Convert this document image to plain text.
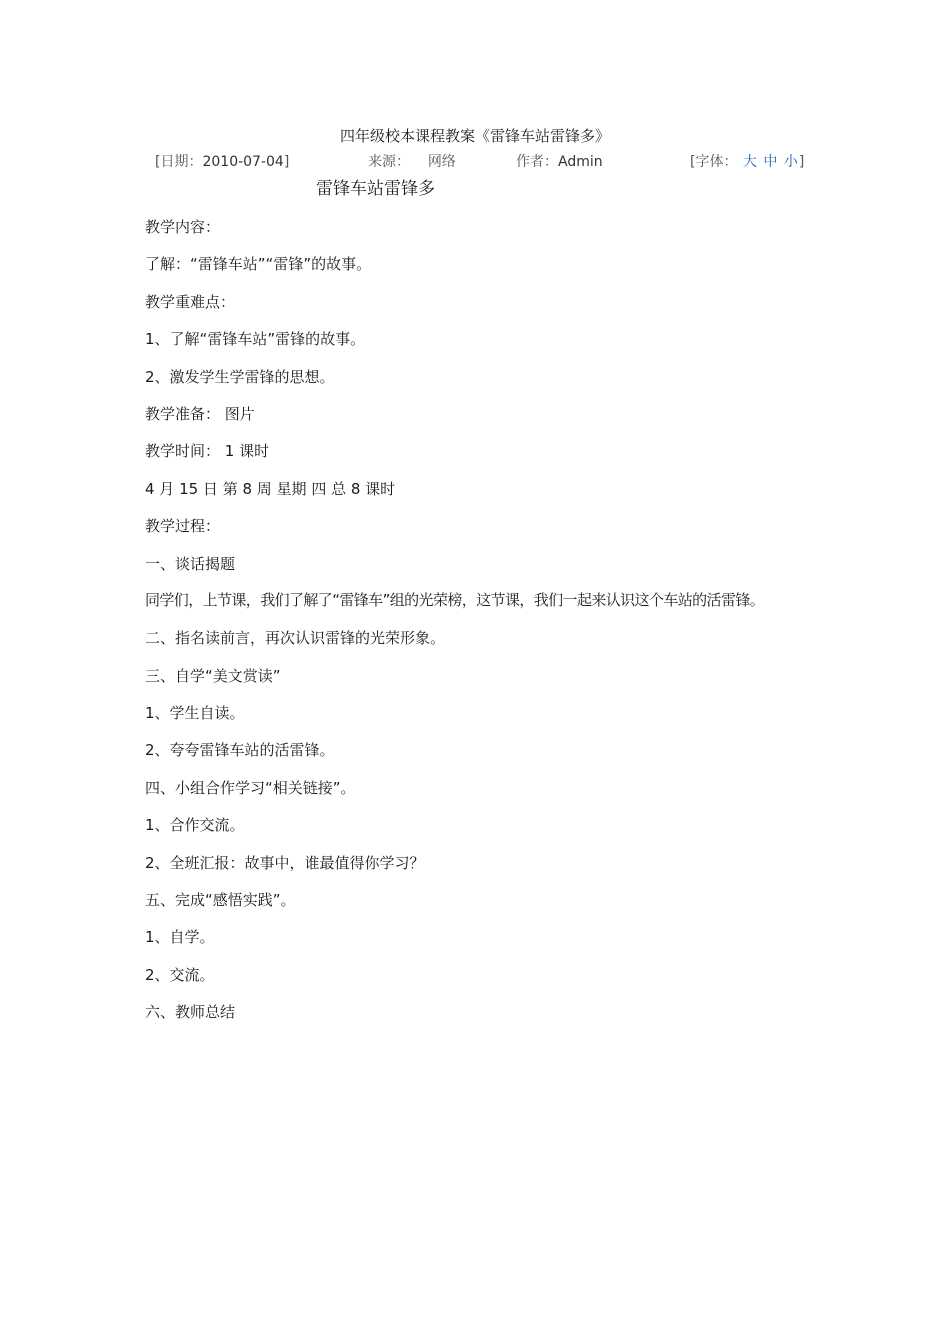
四年级校本课程教案《雷锋车站雷锋多》
[日期：2010-07-04]	来源： 网络	作者：Admin	[字体： 大 中 小]
雷锋车站雷锋多
教学内容：
了解：“雷锋车站”“雷锋”的故事。
教学重难点：
1、了解“雷锋车站”雷锋的故事。
2、激发学生学雷锋的思想。
教学准备： 图片
教学时间： 1 课时
4 月 15 日 第 8 周 星期 四 总 8 课时
教学过程：
一、谈话揭题
同学们，上节课，我们了解了“雷锋车”组的光荣榜，这节课，我们一起来认识这个车站的活雷锋。
二、指名读前言，再次认识雷锋的光荣形象。
三、自学“美文赏读”
1、学生自读。
2、夸夸雷锋车站的活雷锋。
四、小组合作学习“相关链接”。
1、合作交流。
2、全班汇报：故事中，谁最值得你学习？
五、完成“感悟实践”。
1、自学。
2、交流。
六、教师总结
